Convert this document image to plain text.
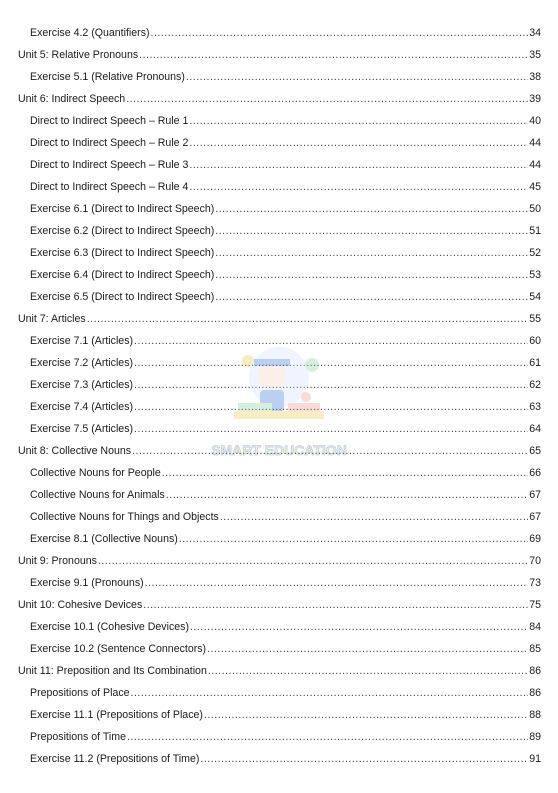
Exercise 4.2 (Quantifiers) .....	34
Unit 5: Relative Pronouns .....	35
Exercise 5.1 (Relative Pronouns) .....	38
Unit 6: Indirect Speech .....	39
Direct to Indirect Speech – Rule 1 .....	40
Direct to Indirect Speech – Rule 2 .....	44
Direct to Indirect Speech – Rule 3 .....	44
Direct to Indirect Speech – Rule 4 .....	45
Exercise 6.1 (Direct to Indirect Speech) .....	50
Exercise 6.2 (Direct to Indirect Speech) .....	51
Exercise 6.3 (Direct to Indirect Speech) .....	52
Exercise 6.4 (Direct to Indirect Speech) .....	53
Exercise 6.5 (Direct to Indirect Speech) .....	54
Unit 7: Articles .....	55
Exercise 7.1 (Articles) .....	60
Exercise 7.2 (Articles) .....	61
Exercise 7.3 (Articles) .....	62
Exercise 7.4 (Articles) .....	63
Exercise 7.5 (Articles) .....	64
Unit 8: Collective Nouns .....	65
Collective Nouns for People .....	66
Collective Nouns for Animals .....	67
Collective Nouns for Things and Objects .....	67
Exercise 8.1 (Collective Nouns) .....	69
Unit 9: Pronouns .....	70
Exercise 9.1 (Pronouns) .....	73
Unit 10: Cohesive Devices .....	75
Exercise 10.1 (Cohesive Devices) .....	84
Exercise 10.2 (Sentence Connectors) .....	85
Unit 11: Preposition and Its Combination .....	86
Prepositions of Place .....	86
Exercise 11.1 (Prepositions of Place) .....	88
Prepositions of Time .....	89
Exercise 11.2 (Prepositions of Time) .....	91
SMART EDUCATION
